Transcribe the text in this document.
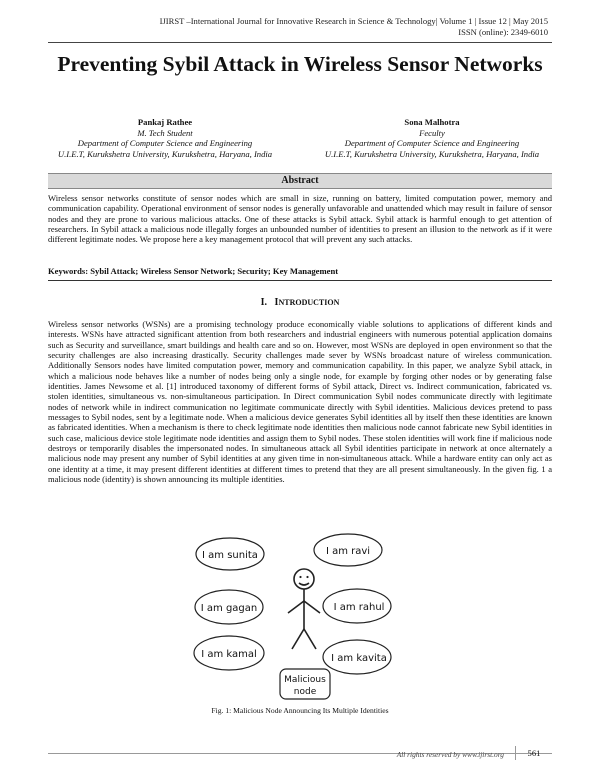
IJIRST –International Journal for Innovative Research in Science & Technology| Volume 1 | Issue 12 | May 2015
ISSN (online): 2349-6010
Preventing Sybil Attack in Wireless Sensor Networks
Pankaj Rathee
M. Tech Student
Department of Computer Science and Engineering
U.I.E.T, Kurukshetra University, Kurukshetra, Haryana, India
Sona Malhotra
Feculty
Department of Computer Science and Engineering
U.I.E.T, Kurukshetra University, Kurukshetra, Haryana, India
Abstract
Wireless sensor networks constitute of sensor nodes which are small in size, running on battery, limited computation power, memory and communication capability. Operational environment of sensor nodes is generally unfavorable and unattended which may result in failure of sensor nodes and they are prone to various malicious attacks. One of these attacks is Sybil attack. Sybil attack is harmful enough to get attention of researchers. In Sybil attack a malicious node illegally forges an unbounded number of identities to present an illusion to the network as if it were different legitimate nodes. We propose here a key management protocol that will prevent any such attacks.
Keywords: Sybil Attack; Wireless Sensor Network; Security; Key Management
I. INTRODUCTION
Wireless sensor networks (WSNs) are a promising technology produce economically viable solutions to applications of different kinds and interests. WSNs have attracted significant attention from both researchers and industrial engineers with numerous potential application domains such as Security and surveillance, smart buildings and health care and so on. However, most WSNs are deployed in open environment so that the security challenges are also increasing drastically. Security challenges made sever by WSNs broadcast nature of wireless communication. Additionally Sensors nodes have limited computation power, memory and communication capability. In this paper, we analyze Sybil attack, in which a malicious node behaves like a number of nodes being only a single node, for example by forging other nodes or by generating false identities. James Newsome et al. [1] introduced taxonomy of different forms of Sybil attack, Direct vs. Indirect communication, fabricated vs. stolen identities, simultaneous vs. non-simultaneous participation. In Direct communication Sybil nodes communicate directly with legitimate nodes of network while in indirect communication no legitimate communicate directly with Sybil identities. Malicious devices pretend to pass messages to Sybil nodes, sent by a legitimate node. When a malicious device generates Sybil identities all by itself then these identities are known as fabricated identities. When a mechanism is there to check legitimate node identities then malicious node cannot fabricate new Sybil identities in such case, malicious device stole legitimate node identities and assign them to Sybil nodes. These stolen identities will work fine if malicious node destroys or temporarily disables the impersonated nodes. In simultaneous attack all Sybil identities participate in network at once alternately a malicious node may present any number of Sybil identities at any given time in non-simultaneous attack. While a hardware entity can only act as one identity at a time, it may present different identities at different times to pretend that they are all present simultaneously. In the given fig. 1 a malicious node (identity) is shown announcing its multiple identities.
I am sunita	I am ravi
I am gagan	I am rahul
I am kamal	I am kavita
Malicious
node
Fig. 1: Malicious Node Announcing Its Multiple Identities
All rights reserved by www.ijirst.org	561
